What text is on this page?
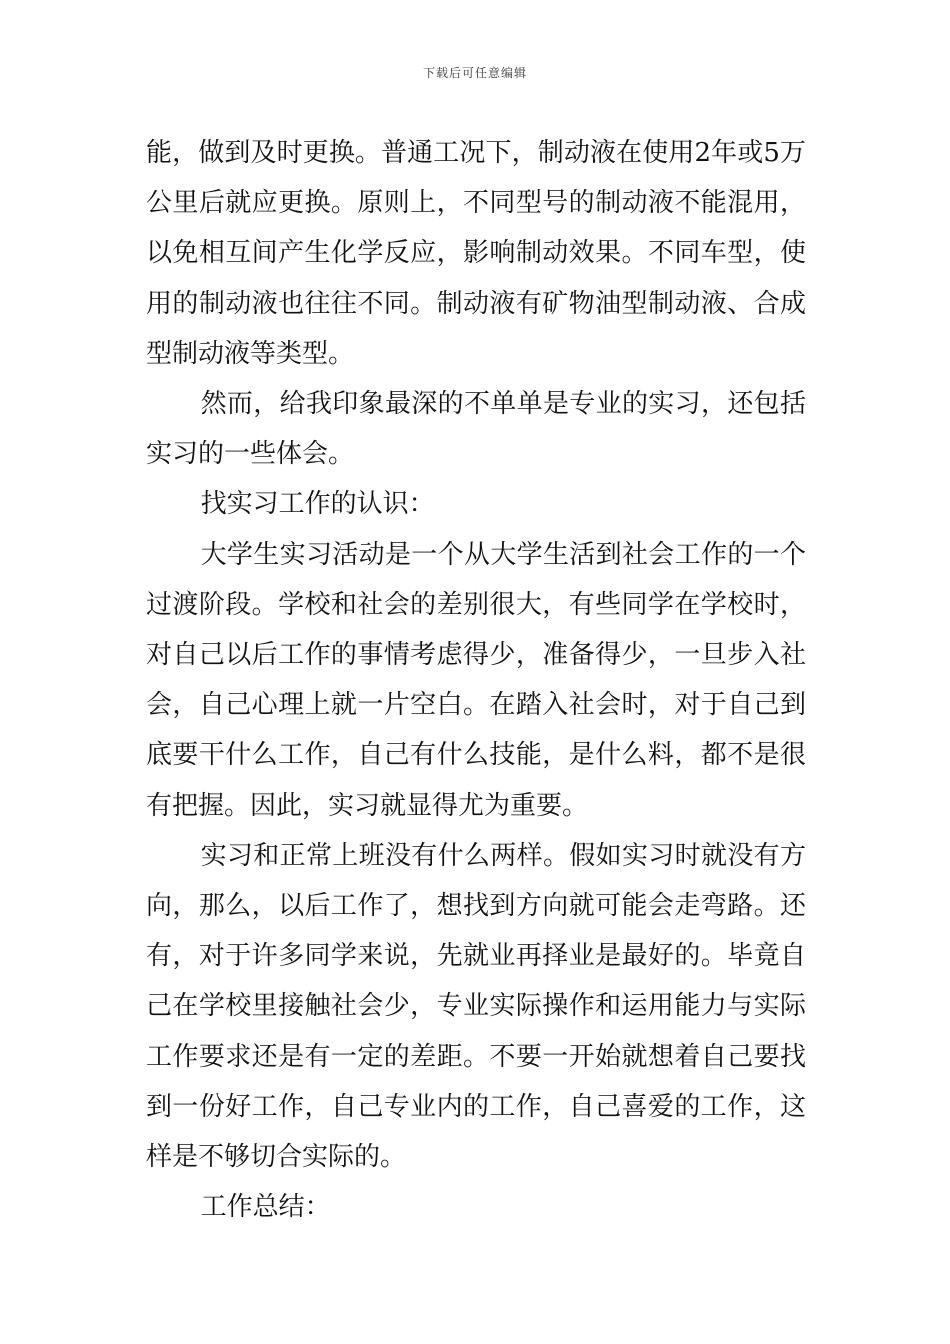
下载后可任意编辑

能，做到及时更换。普通工况下，制动液在使用2年或5万公里后就应更换。原则上，不同型号的制动液不能混用，以免相互间产生化学反应，影响制动效果。不同车型，使用的制动液也往往不同。制动液有矿物油型制动液、合成型制动液等类型。

然而，给我印象最深的不单单是专业的实习，还包括实习的一些体会。

找实习工作的认识：

大学生实习活动是一个从大学生活到社会工作的一个过渡阶段。学校和社会的差别很大，有些同学在学校时，对自己以后工作的事情考虑得少，准备得少，一旦步入社会，自己心理上就一片空白。在踏入社会时，对于自己到底要干什么工作，自己有什么技能，是什么料，都不是很有把握。因此，实习就显得尤为重要。

实习和正常上班没有什么两样。假如实习时就没有方向，那么，以后工作了，想找到方向就可能会走弯路。还有，对于许多同学来说，先就业再择业是最好的。毕竟自己在学校里接触社会少，专业实际操作和运用能力与实际工作要求还是有一定的差距。不要一开始就想着自己要找到一份好工作，自己专业内的工作，自己喜爱的工作，这样是不够切合实际的。

工作总结：
